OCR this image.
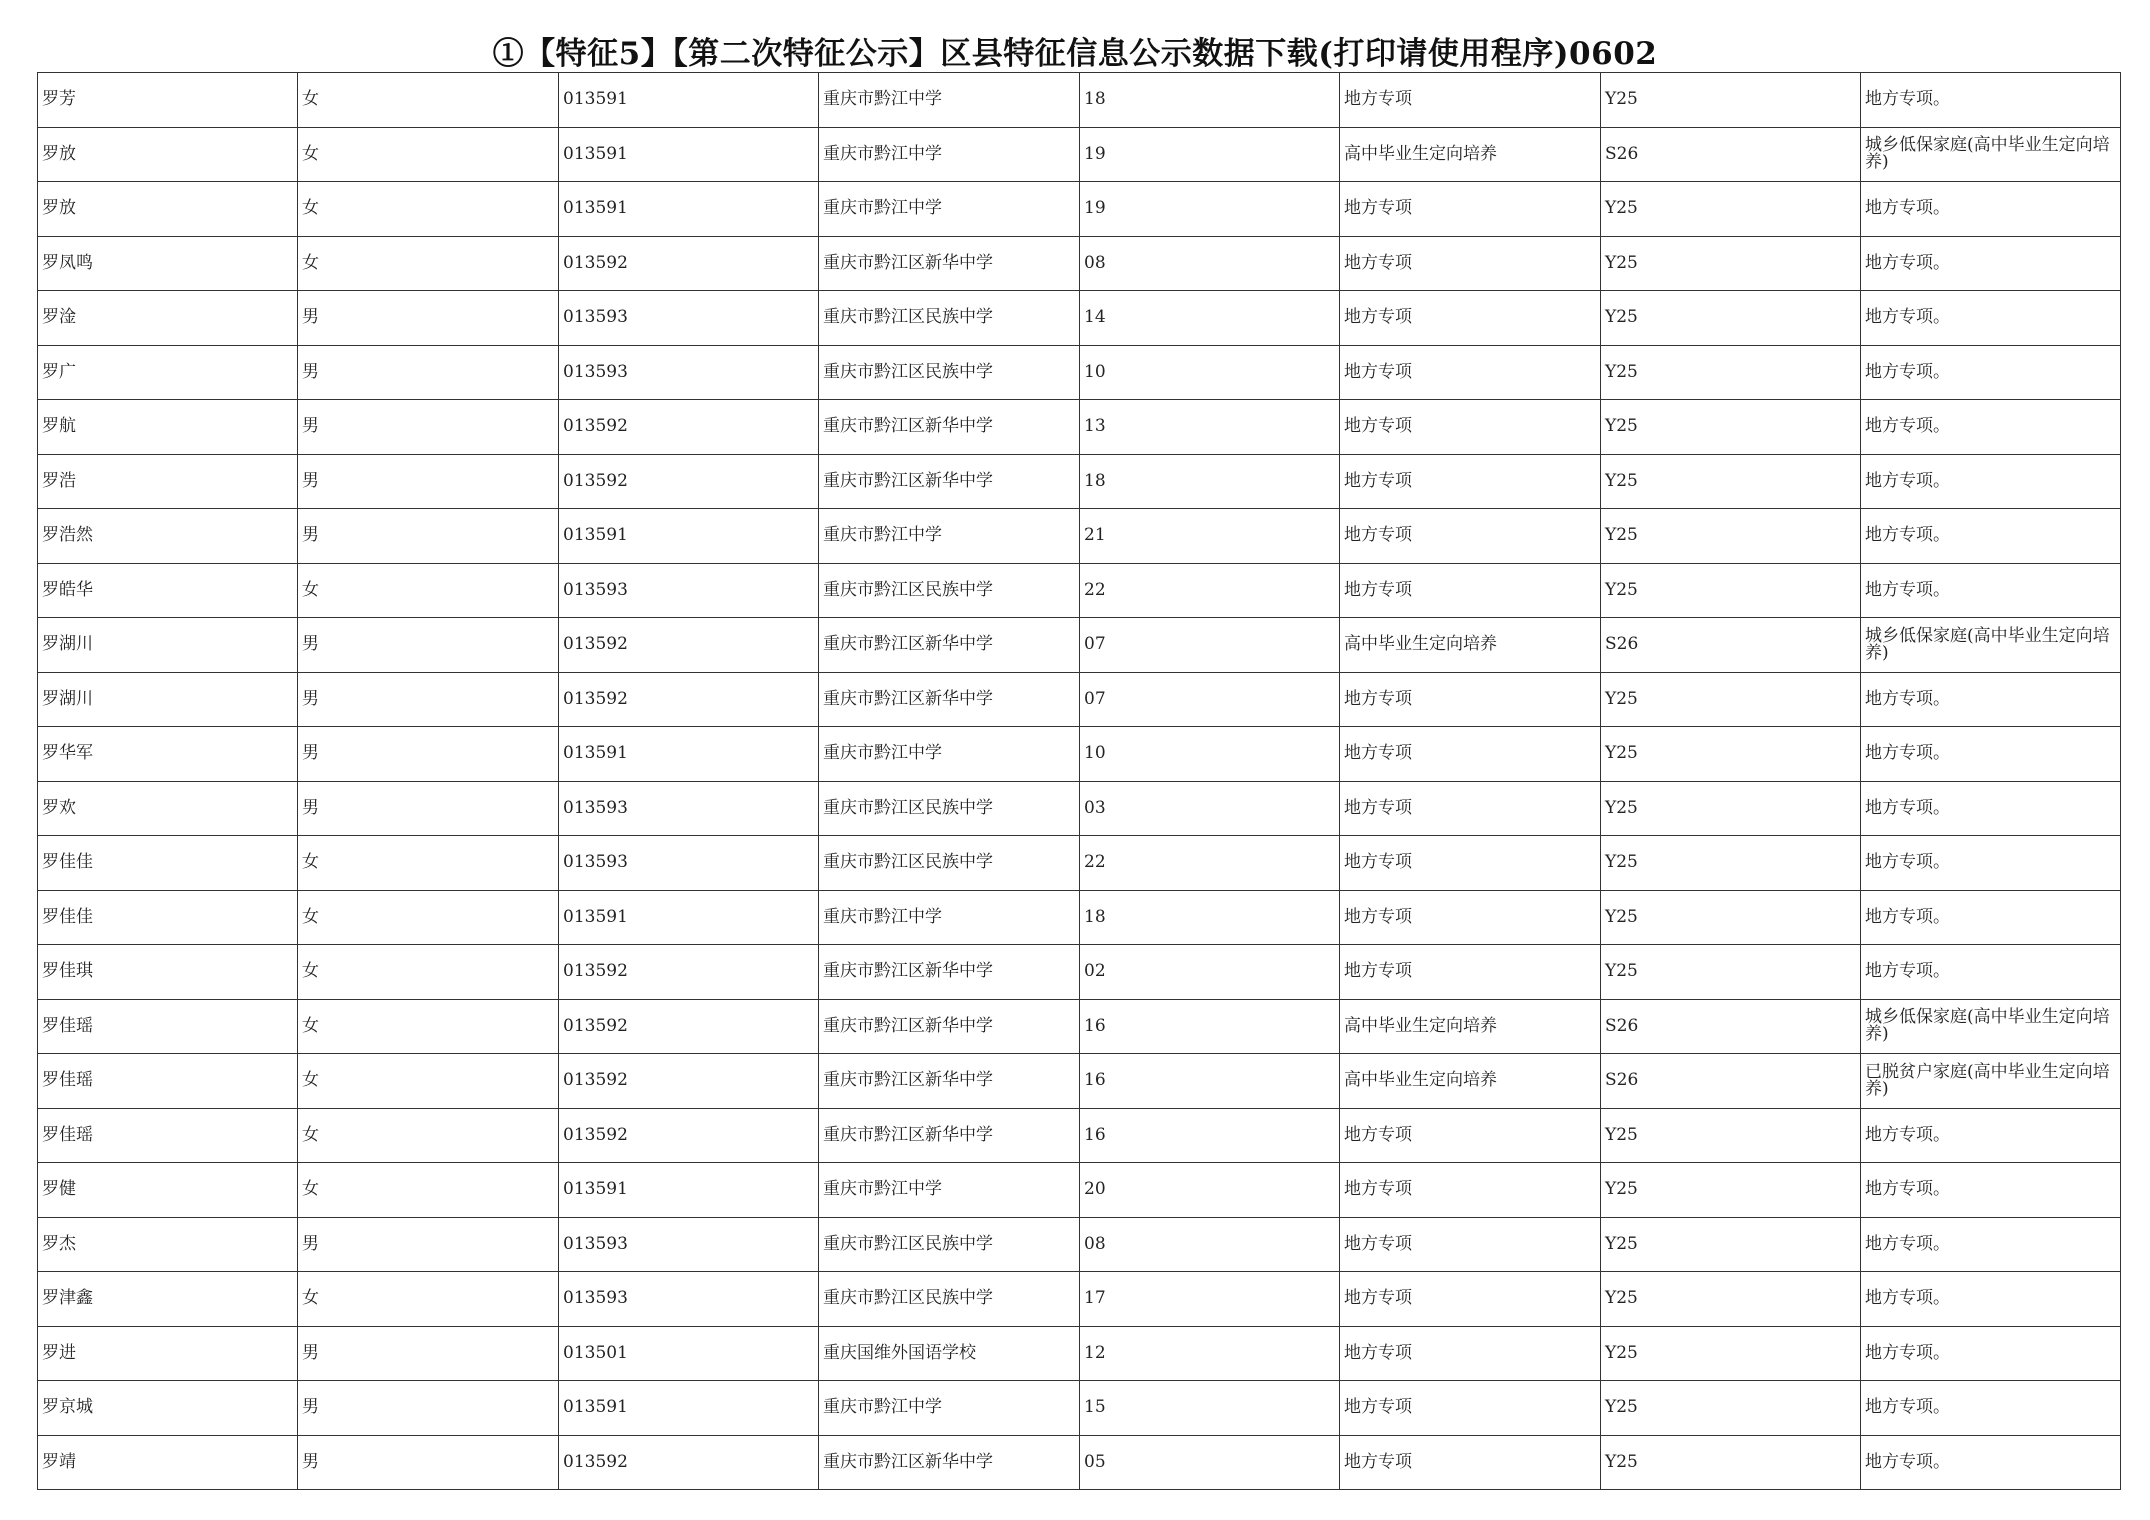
①【特征5】【第二次特征公示】区县特征信息公示数据下载(打印请使用程序)0602
罗芳	女	013591	重庆市黔江中学	18	地方专项	Y25	地方专项。
罗放	女	013591	重庆市黔江中学	19	高中毕业生定向培养	S26	城乡低保家庭(高中毕业生定向培养)
罗放	女	013591	重庆市黔江中学	19	地方专项	Y25	地方专项。
罗凤鸣	女	013592	重庆市黔江区新华中学	08	地方专项	Y25	地方专项。
罗淦	男	013593	重庆市黔江区民族中学	14	地方专项	Y25	地方专项。
罗广	男	013593	重庆市黔江区民族中学	10	地方专项	Y25	地方专项。
罗航	男	013592	重庆市黔江区新华中学	13	地方专项	Y25	地方专项。
罗浩	男	013592	重庆市黔江区新华中学	18	地方专项	Y25	地方专项。
罗浩然	男	013591	重庆市黔江中学	21	地方专项	Y25	地方专项。
罗皓华	女	013593	重庆市黔江区民族中学	22	地方专项	Y25	地方专项。
罗湖川	男	013592	重庆市黔江区新华中学	07	高中毕业生定向培养	S26	城乡低保家庭(高中毕业生定向培养)
罗湖川	男	013592	重庆市黔江区新华中学	07	地方专项	Y25	地方专项。
罗华军	男	013591	重庆市黔江中学	10	地方专项	Y25	地方专项。
罗欢	男	013593	重庆市黔江区民族中学	03	地方专项	Y25	地方专项。
罗佳佳	女	013593	重庆市黔江区民族中学	22	地方专项	Y25	地方专项。
罗佳佳	女	013591	重庆市黔江中学	18	地方专项	Y25	地方专项。
罗佳琪	女	013592	重庆市黔江区新华中学	02	地方专项	Y25	地方专项。
罗佳瑶	女	013592	重庆市黔江区新华中学	16	高中毕业生定向培养	S26	城乡低保家庭(高中毕业生定向培养)
罗佳瑶	女	013592	重庆市黔江区新华中学	16	高中毕业生定向培养	S26	已脱贫户家庭(高中毕业生定向培养)
罗佳瑶	女	013592	重庆市黔江区新华中学	16	地方专项	Y25	地方专项。
罗健	女	013591	重庆市黔江中学	20	地方专项	Y25	地方专项。
罗杰	男	013593	重庆市黔江区民族中学	08	地方专项	Y25	地方专项。
罗津鑫	女	013593	重庆市黔江区民族中学	17	地方专项	Y25	地方专项。
罗进	男	013501	重庆国维外国语学校	12	地方专项	Y25	地方专项。
罗京城	男	013591	重庆市黔江中学	15	地方专项	Y25	地方专项。
罗靖	男	013592	重庆市黔江区新华中学	05	地方专项	Y25	地方专项。
